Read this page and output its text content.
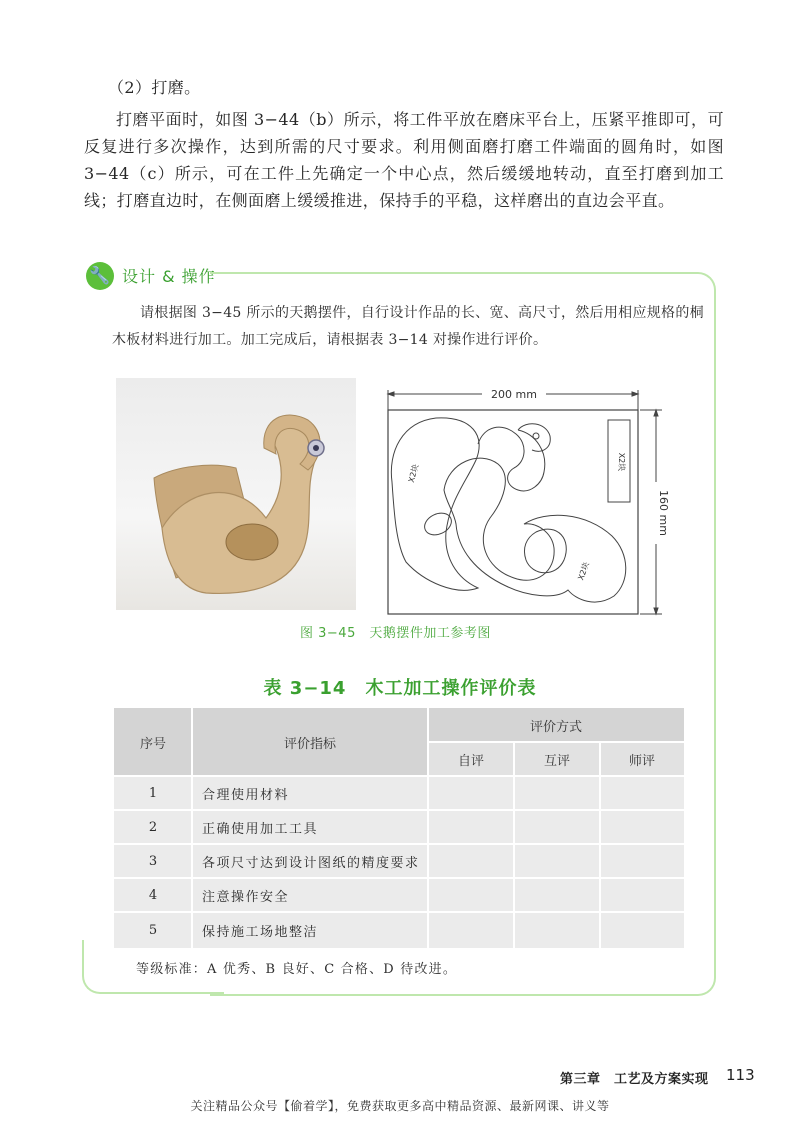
（2）打磨。
打磨平面时，如图 3−44（b）所示，将工件平放在磨床平台上，压紧平推即可，可反复进行多次操作，达到所需的尺寸要求。利用侧面磨打磨工件端面的圆角时，如图 3−44（c）所示，可在工件上先确定一个中心点，然后缓缓地转动，直至打磨到加工线；打磨直边时，在侧面磨上缓缓推进，保持手的平稳，这样磨出的直边会平直。
🔧 设计 & 操作
请根据图 3−45 所示的天鹅摆件，自行设计作品的长、宽、高尺寸，然后用相应规格的桐木板材料进行加工。加工完成后，请根据表 3−14 对操作进行评价。
200 mm
160 mm
X2块
X2块
X2块
图 3−45　天鹅摆件加工参考图
表 3−14　木工加工操作评价表
序号	评价指标
评价方式
自评	互评	师评
1	合理使用材料
2	正确使用加工工具
3	各项尺寸达到设计图纸的精度要求
4	注意操作安全
5	保持施工场地整洁
等级标准：A 优秀、B 良好、C 合格、D 待改进。
第三章　工艺及方案实现 113
关注精品公众号【偷着学】，免费获取更多高中精品资源、最新网课、讲义等
